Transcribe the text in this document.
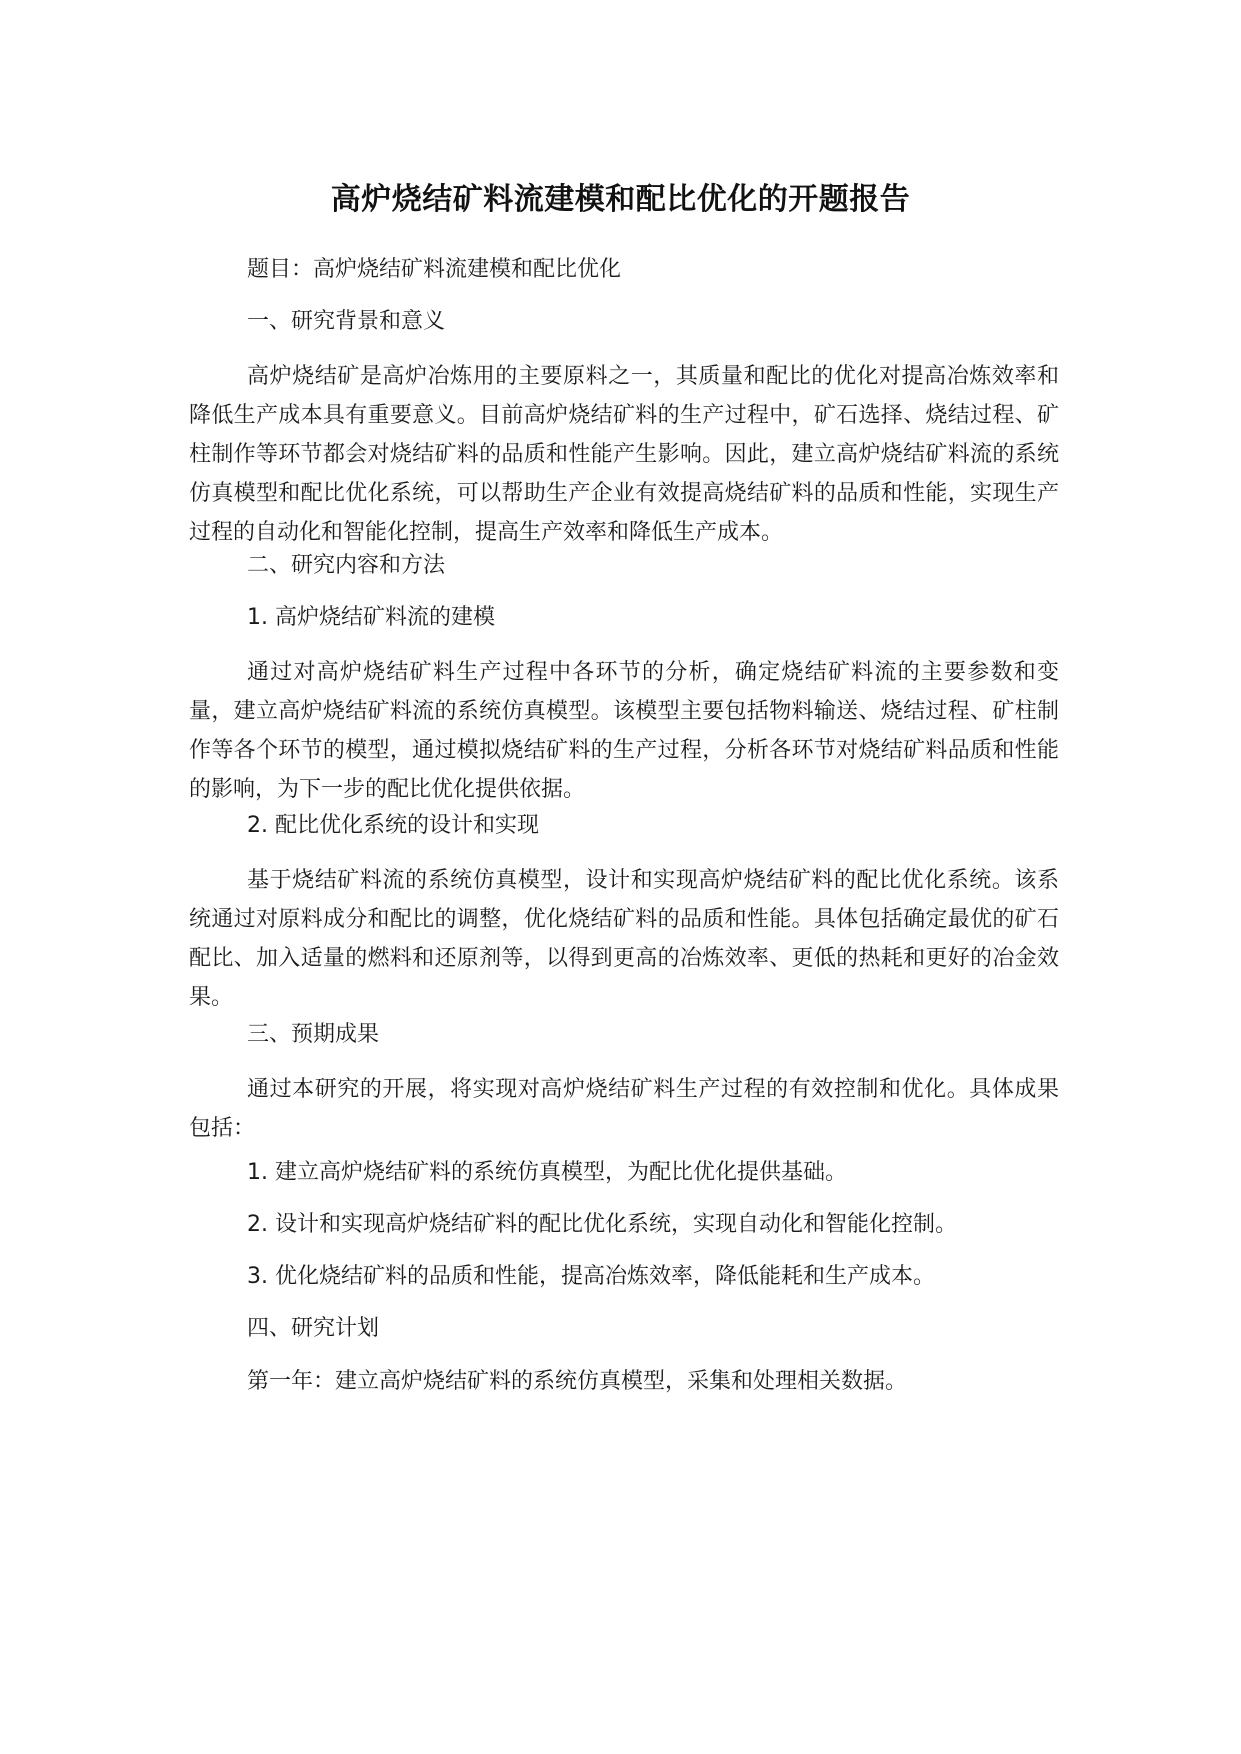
高炉烧结矿料流建模和配比优化的开题报告
题目：高炉烧结矿料流建模和配比优化
一、研究背景和意义

高炉烧结矿是高炉冶炼用的主要原料之一，其质量和配比的优化对提高冶炼效率和降低生产成本具有重要意义。目前高炉烧结矿料的生产过程中，矿石选择、烧结过程、矿柱制作等环节都会对烧结矿料的品质和性能产生影响。因此，建立高炉烧结矿料流的系统仿真模型和配比优化系统，可以帮助生产企业有效提高烧结矿料的品质和性能，实现生产过程的自动化和智能化控制，提高生产效率和降低生产成本。

二、研究内容和方法
1. 高炉烧结矿料流的建模

通过对高炉烧结矿料生产过程中各环节的分析，确定烧结矿料流的主要参数和变量，建立高炉烧结矿料流的系统仿真模型。该模型主要包括物料输送、烧结过程、矿柱制作等各个环节的模型，通过模拟烧结矿料的生产过程，分析各环节对烧结矿料品质和性能的影响，为下一步的配比优化提供依据。

2. 配比优化系统的设计和实现

基于烧结矿料流的系统仿真模型，设计和实现高炉烧结矿料的配比优化系统。该系统通过对原料成分和配比的调整，优化烧结矿料的品质和性能。具体包括确定最优的矿石配比、加入适量的燃料和还原剂等，以得到更高的冶炼效率、更低的热耗和更好的冶金效果。

三、预期成果

通过本研究的开展，将实现对高炉烧结矿料生产过程的有效控制和优化。具体成果包括：

1. 建立高炉烧结矿料的系统仿真模型，为配比优化提供基础。
2. 设计和实现高炉烧结矿料的配比优化系统，实现自动化和智能化控制。
3. 优化烧结矿料的品质和性能，提高冶炼效率，降低能耗和生产成本。
四、研究计划
第一年：建立高炉烧结矿料的系统仿真模型，采集和处理相关数据。
